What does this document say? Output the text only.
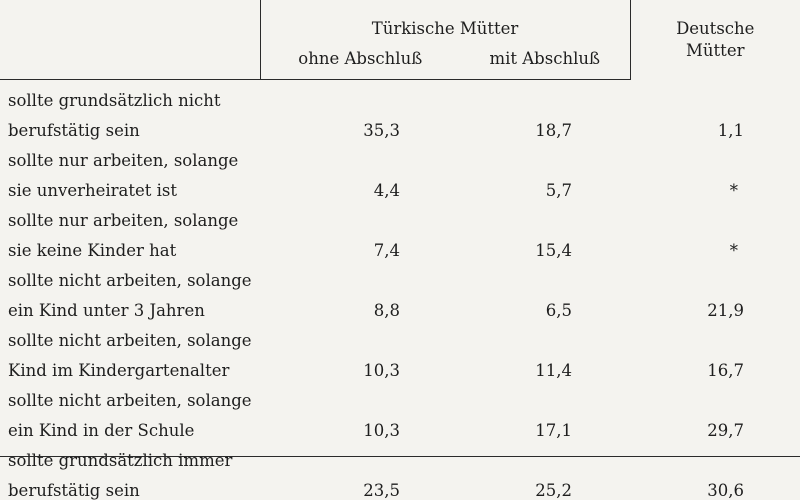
	Türkische Mütter		Deutsche
Mütter
	ohne Abschluß	mit Abschluß	
sollte grundsätzlich nicht			
berufstätig sein	35,3	18,7	1,1
sollte nur arbeiten, solange			
sie unverheiratet ist	4,4	5,7	*
sollte nur arbeiten, solange			
sie keine Kinder hat	7,4	15,4	*
sollte nicht arbeiten, solange			
ein Kind unter 3 Jahren	8,8	6,5	21,9
sollte nicht arbeiten, solange			
Kind im Kindergartenalter	10,3	11,4	16,7
sollte nicht arbeiten, solange			
ein Kind in der Schule	10,3	17,1	29,7
sollte grundsätzlich immer			
berufstätig sein	23,5	25,2	30,6
